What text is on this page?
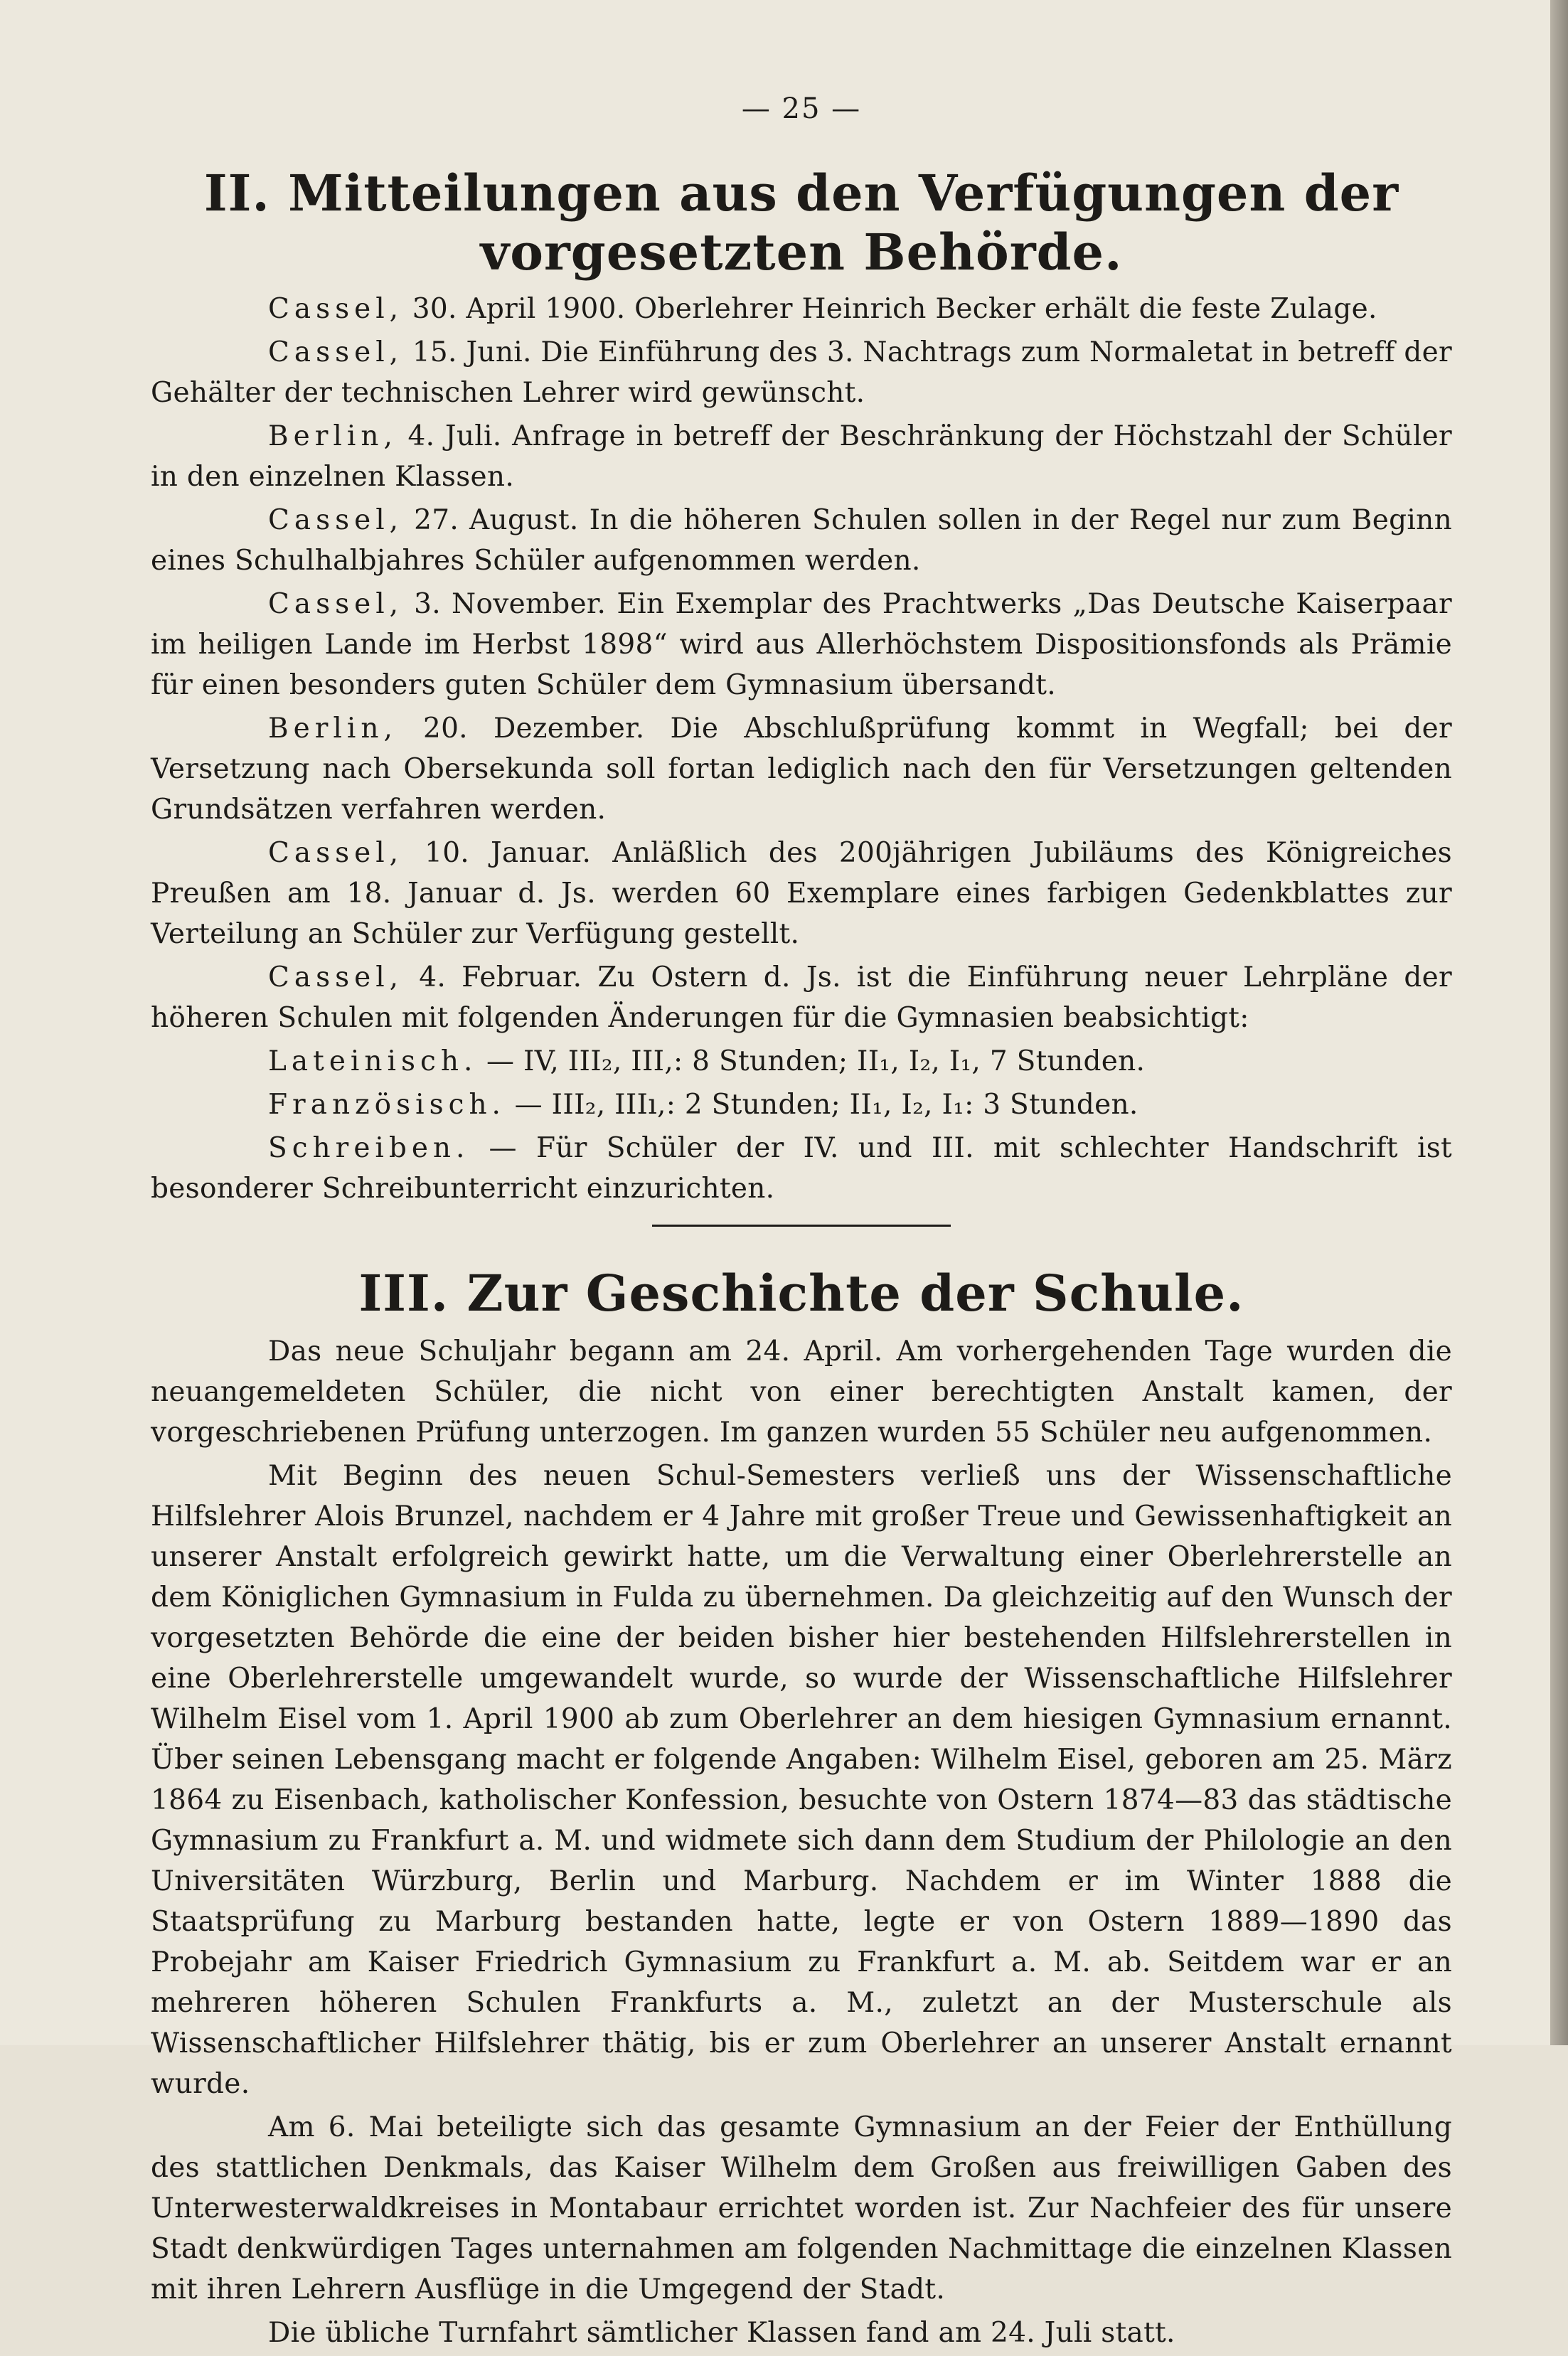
— 25 —
II. Mitteilungen aus den Verfügungen der vorgesetzten Behörde.

Cassel, 30. April 1900. Oberlehrer Heinrich Becker erhält die feste Zulage.

Cassel, 15. Juni. Die Einführung des 3. Nachtrags zum Normaletat in betreff der Gehälter der technischen Lehrer wird gewünscht.

Berlin, 4. Juli. Anfrage in betreff der Beschränkung der Höchstzahl der Schüler in den einzelnen Klassen.

Cassel, 27. August. In die höheren Schulen sollen in der Regel nur zum Beginn eines Schulhalbjahres Schüler aufgenommen werden.

Cassel, 3. November. Ein Exemplar des Prachtwerks „Das Deutsche Kaiserpaar im heiligen Lande im Herbst 1898“ wird aus Allerhöchstem Dispositionsfonds als Prämie für einen besonders guten Schüler dem Gymnasium übersandt.

Berlin, 20. Dezember. Die Abschlußprüfung kommt in Wegfall; bei der Versetzung nach Obersekunda soll fortan lediglich nach den für Versetzungen geltenden Grundsätzen verfahren werden.

Cassel, 10. Januar. Anläßlich des 200jährigen Jubiläums des Königreiches Preußen am 18. Januar d. Js. werden 60 Exemplare eines farbigen Gedenkblattes zur Verteilung an Schüler zur Verfügung gestellt.

Cassel, 4. Februar. Zu Ostern d. Js. ist die Einführung neuer Lehrpläne der höheren Schulen mit folgenden Änderungen für die Gymnasien beabsichtigt:

Lateinisch. — IV, III₂, III,: 8 Stunden; II₁, I₂, I₁, 7 Stunden.

Französisch. — III₂, IIIı,: 2 Stunden; II₁, I₂, I₁: 3 Stunden.

Schreiben. — Für Schüler der IV. und III. mit schlechter Handschrift ist besonderer Schreibunterricht einzurichten.

III. Zur Geschichte der Schule.

Das neue Schuljahr begann am 24. April. Am vorhergehenden Tage wurden die neuangemeldeten Schüler, die nicht von einer berechtigten Anstalt kamen, der vorgeschriebenen Prüfung unterzogen. Im ganzen wurden 55 Schüler neu aufgenommen.

Mit Beginn des neuen Schul-Semesters verließ uns der Wissenschaftliche Hilfslehrer Alois Brunzel, nachdem er 4 Jahre mit großer Treue und Gewissenhaftigkeit an unserer Anstalt erfolgreich gewirkt hatte, um die Verwaltung einer Oberlehrerstelle an dem Königlichen Gymnasium in Fulda zu übernehmen. Da gleichzeitig auf den Wunsch der vorgesetzten Behörde die eine der beiden bisher hier bestehenden Hilfslehrerstellen in eine Oberlehrerstelle umgewandelt wurde, so wurde der Wissenschaftliche Hilfslehrer Wilhelm Eisel vom 1. April 1900 ab zum Oberlehrer an dem hiesigen Gymnasium ernannt. Über seinen Lebensgang macht er folgende Angaben: Wilhelm Eisel, geboren am 25. März 1864 zu Eisenbach, katholischer Konfession, besuchte von Ostern 1874—83 das städtische Gymnasium zu Frankfurt a. M. und widmete sich dann dem Studium der Philologie an den Universitäten Würzburg, Berlin und Marburg. Nachdem er im Winter 1888 die Staatsprüfung zu Marburg bestanden hatte, legte er von Ostern 1889—1890 das Probejahr am Kaiser Friedrich Gymnasium zu Frankfurt a. M. ab. Seitdem war er an mehreren höheren Schulen Frankfurts a. M., zuletzt an der Musterschule als Wissenschaftlicher Hilfslehrer thätig, bis er zum Oberlehrer an unserer Anstalt ernannt wurde.

Am 6. Mai beteiligte sich das gesamte Gymnasium an der Feier der Enthüllung des stattlichen Denkmals, das Kaiser Wilhelm dem Großen aus freiwilligen Gaben des Unterwesterwaldkreises in Montabaur errichtet worden ist. Zur Nachfeier des für unsere Stadt denkwürdigen Tages unternahmen am folgenden Nachmittage die einzelnen Klassen mit ihren Lehrern Ausflüge in die Umgegend der Stadt.

Die übliche Turnfahrt sämtlicher Klassen fand am 24. Juli statt.
